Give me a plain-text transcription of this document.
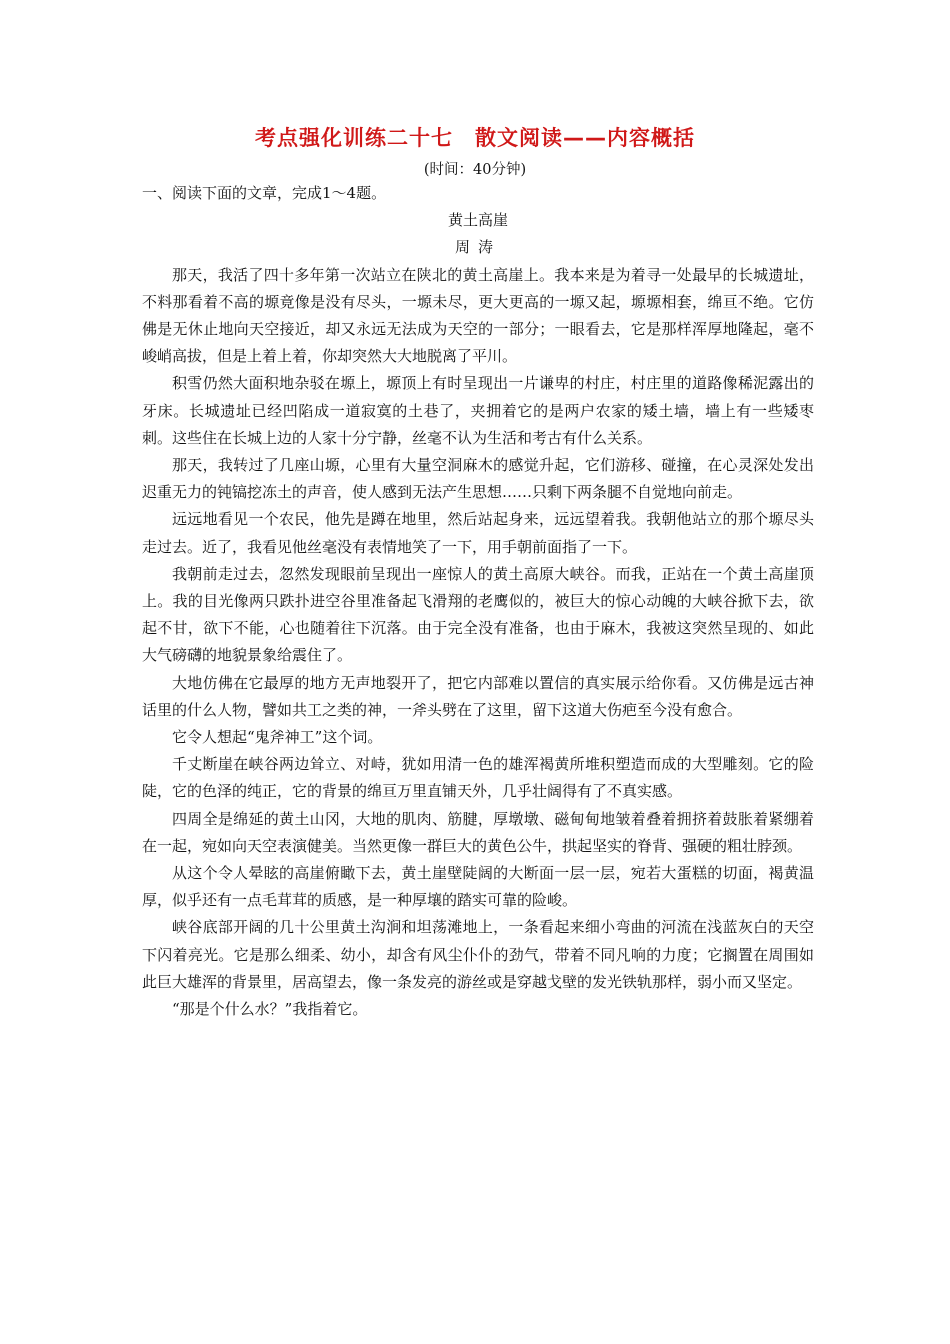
考点强化训练二十七　散文阅读——内容概括
(时间：40分钟)

一、阅读下面的文章，完成1～4题。

黄土高崖

周涛

那天，我活了四十多年第一次站立在陕北的黄土高崖上。我本来是为着寻一处最早的长城遗址，不料那看着不高的塬竟像是没有尽头，一塬未尽，更大更高的一塬又起，塬塬相套，绵亘不绝。它仿佛是无休止地向天空接近，却又永远无法成为天空的一部分；一眼看去，它是那样浑厚地隆起，毫不峻峭高拔，但是上着上着，你却突然大大地脱离了平川。

积雪仍然大面积地杂驳在塬上，塬顶上有时呈现出一片谦卑的村庄，村庄里的道路像稀泥露出的牙床。长城遗址已经凹陷成一道寂寞的土巷了，夹拥着它的是两户农家的矮土墙，墙上有一些矮枣刺。这些住在长城上边的人家十分宁静，丝毫不认为生活和考古有什么关系。

那天，我转过了几座山塬，心里有大量空洞麻木的感觉升起，它们游移、碰撞，在心灵深处发出迟重无力的钝镐挖冻土的声音，使人感到无法产生思想……只剩下两条腿不自觉地向前走。

远远地看见一个农民，他先是蹲在地里，然后站起身来，远远望着我。我朝他站立的那个塬尽头走过去。近了，我看见他丝毫没有表情地笑了一下，用手朝前面指了一下。

我朝前走过去，忽然发现眼前呈现出一座惊人的黄土高原大峡谷。而我，正站在一个黄土高崖顶上。我的目光像两只跌扑进空谷里准备起飞滑翔的老鹰似的，被巨大的惊心动魄的大峡谷掀下去，欲起不甘，欲下不能，心也随着往下沉落。由于完全没有准备，也由于麻木，我被这突然呈现的、如此大气磅礴的地貌景象给震住了。

大地仿佛在它最厚的地方无声地裂开了，把它内部难以置信的真实展示给你看。又仿佛是远古神话里的什么人物，譬如共工之类的神，一斧头劈在了这里，留下这道大伤疤至今没有愈合。

它令人想起“鬼斧神工”这个词。

千丈断崖在峡谷两边耸立、对峙，犹如用清一色的雄浑褐黄所堆积塑造而成的大型雕刻。它的险陡，它的色泽的纯正，它的背景的绵亘万里直铺天外，几乎壮阔得有了不真实感。

四周全是绵延的黄土山冈，大地的肌肉、筋腱，厚墩墩、磁甸甸地皱着叠着拥挤着鼓胀着紧绷着在一起，宛如向天空表演健美。当然更像一群巨大的黄色公牛，拱起坚实的脊背、强硬的粗壮脖颈。

从这个令人晕眩的高崖俯瞰下去，黄土崖壁陡阔的大断面一层一层，宛若大蛋糕的切面，褐黄温厚，似乎还有一点毛茸茸的质感，是一种厚壤的踏实可靠的险峻。

峡谷底部开阔的几十公里黄土沟涧和坦荡滩地上，一条看起来细小弯曲的河流在浅蓝灰白的天空下闪着亮光。它是那么细柔、幼小，却含有风尘仆仆的劲气，带着不同凡响的力度；它搁置在周围如此巨大雄浑的背景里，居高望去，像一条发亮的游丝或是穿越戈壁的发光铁轨那样，弱小而又坚定。

“那是个什么水？”我指着它。
